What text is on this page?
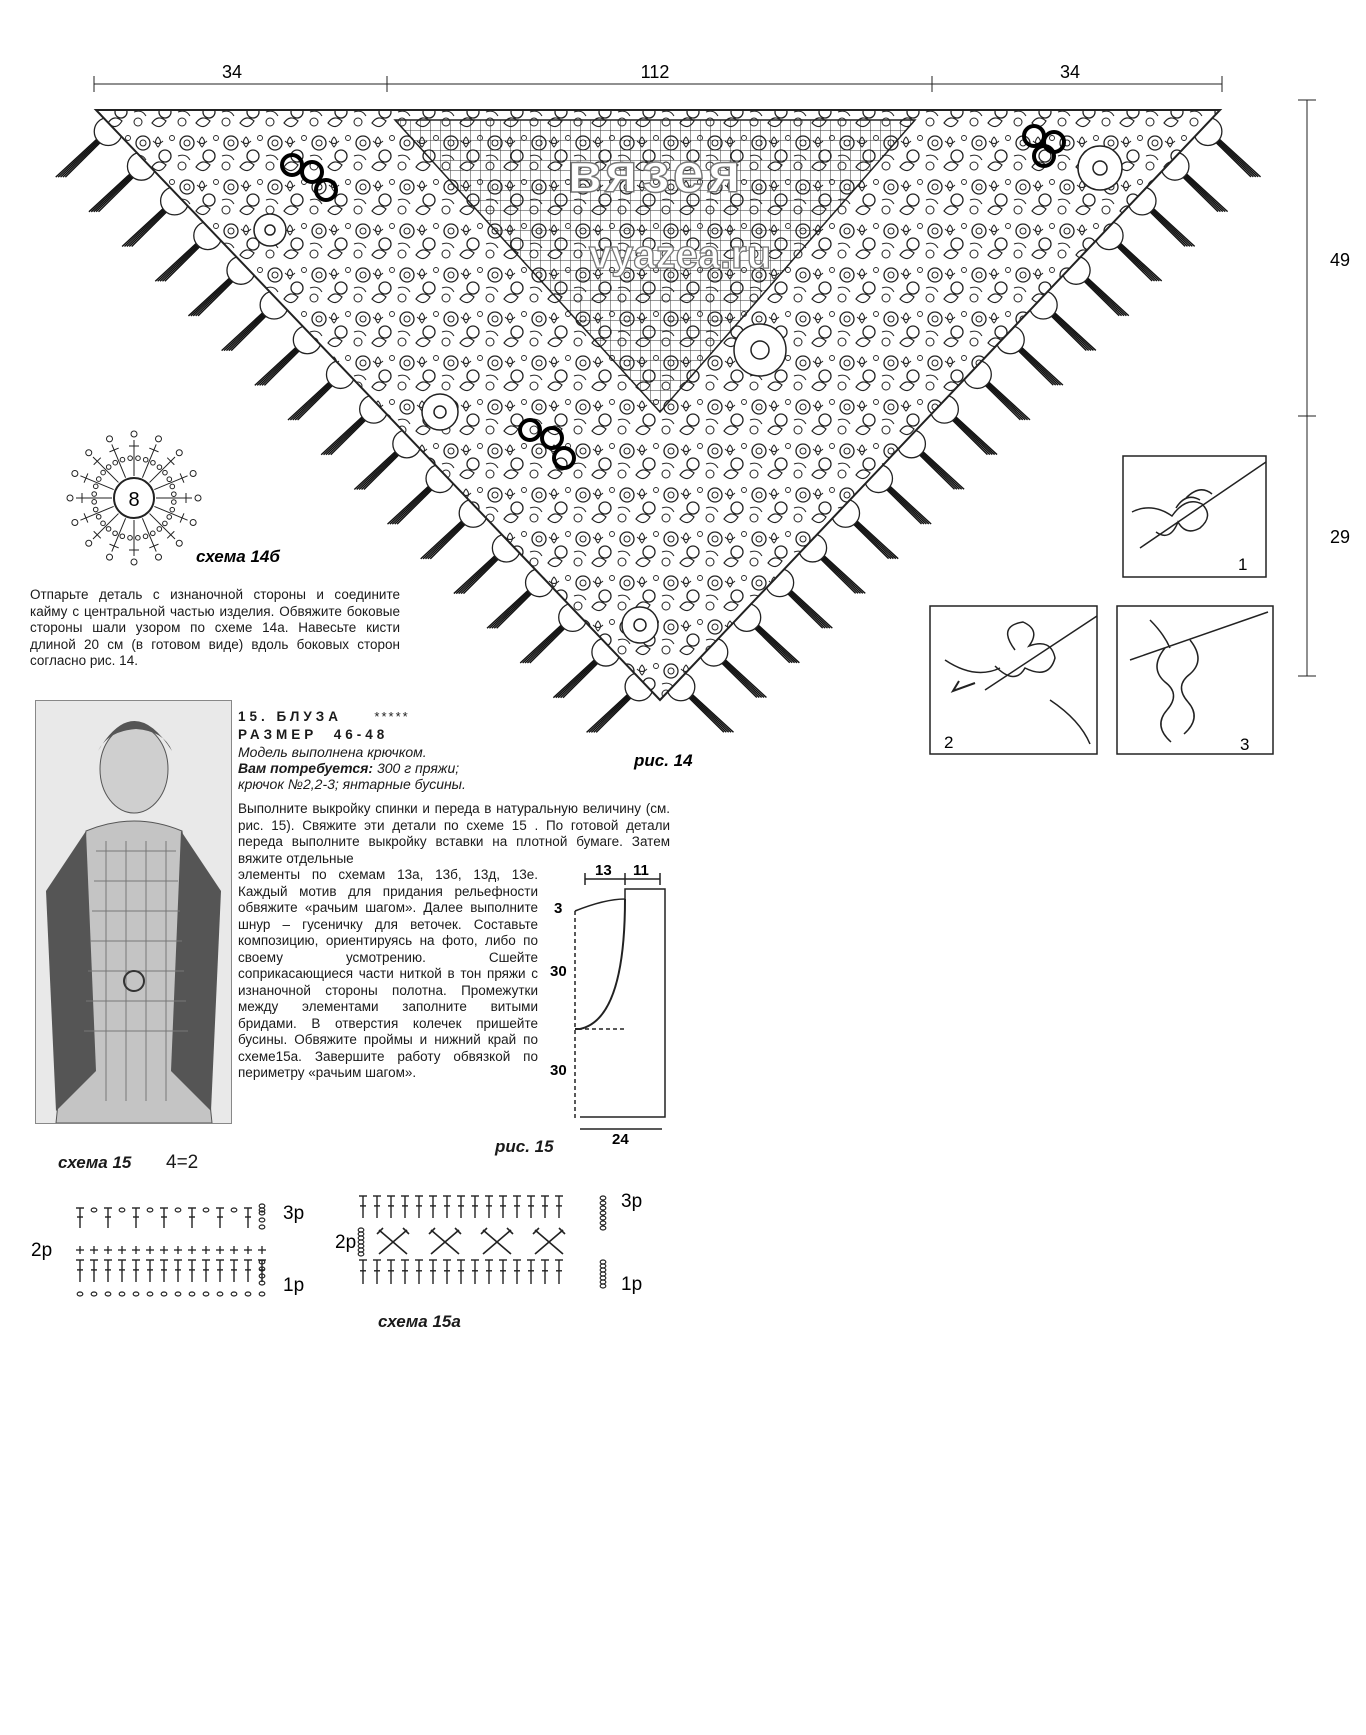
34	112	34
49
29
вязея
vyazea.ru
рис. 14
8
схема 14б	1
2	3
Отпарьте деталь с изнаночной стороны и соедините кайму с центральной частью изделия. Обвяжите боковые стороны шали узором по схеме 14а. Навесьте кисти длиной 20 см (в готовом виде) вдоль боковых сторон согласно рис. 14.
15. БЛУЗА *****
РАЗМЕР 46-48
Модель выполнена крючком.
Вам потребуется: 300 г пряжи;
крючок №2,2-3; янтарные бусины.
Выполните выкройку спинки и переда в натуральную величину (см. рис. 15). Свяжите эти детали по схеме 15 . По готовой детали переда выполните выкройку вставки на плотной бумаге. Затем вяжите отдельные
элементы по схемам 13а, 13б, 13д, 13е. Каждый мотив для придания рельефности обвяжите «рачьим шагом». Далее выполните шнур – гусеничку для веточек. Составьте композицию, ориентируясь на фото, либо по своему усмотрению. Сшейте соприкасающиеся части ниткой в тон пряжи с изнаночной стороны полотна. Промежутки между элементами заполните витыми бридами. В отверстия колечек пришейте бусины. Обвяжите проймы и нижний край по схеме15а. Завершите работу обвязкой по периметру «рачьим шагом».
13 11
3
30
30
24
рис. 15
схема 15 4=2
3р
2р
1р
3р
2р
1р
схема 15а
